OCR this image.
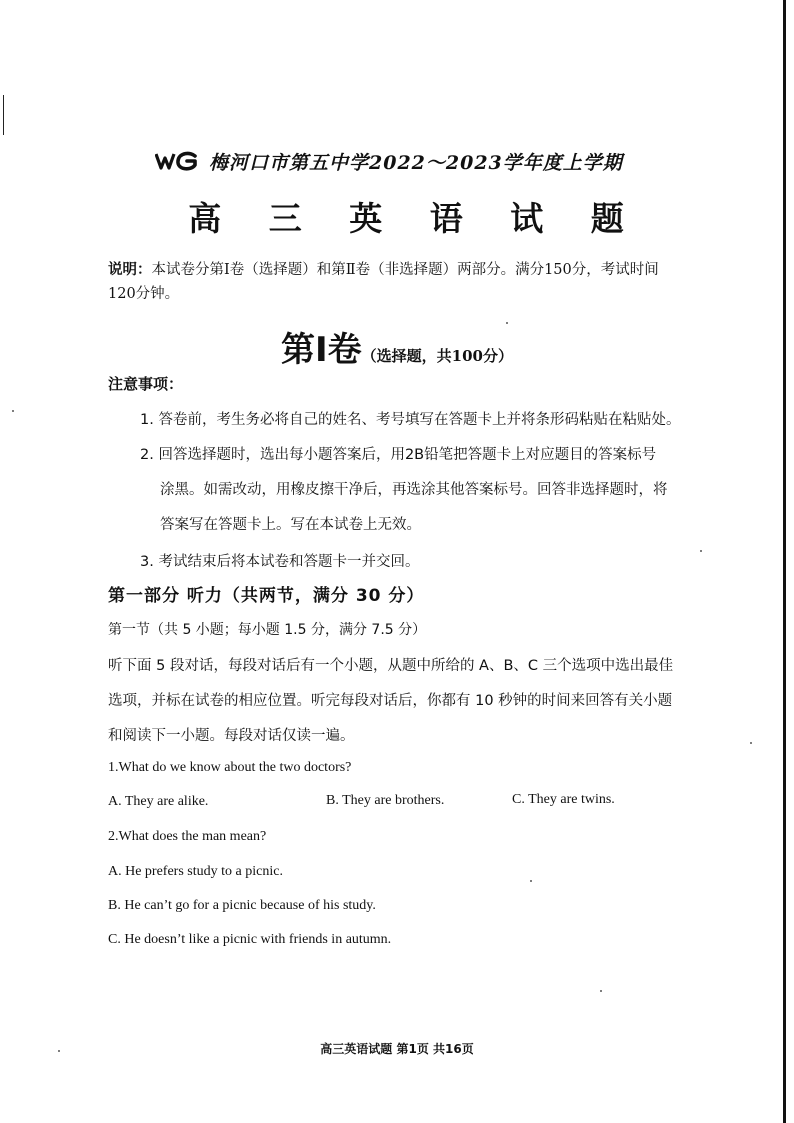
梅河口市第五中学2022～2023学年度上学期
高 三 英 语 试 题
说明：本试卷分第Ⅰ卷（选择题）和第Ⅱ卷（非选择题）两部分。满分150分，考试时间
120分钟。
第Ⅰ卷（选择题，共100分）
注意事项：
1. 答卷前，考生务必将自己的姓名、考号填写在答题卡上并将条形码粘贴在粘贴处。
2. 回答选择题时，选出每小题答案后，用2B铅笔把答题卡上对应题目的答案标号
涂黑。如需改动，用橡皮擦干净后，再选涂其他答案标号。回答非选择题时，将
答案写在答题卡上。写在本试卷上无效。
3. 考试结束后将本试卷和答题卡一并交回。
第一部分 听力（共两节，满分 30 分）
第一节（共 5 小题；每小题 1.5 分，满分 7.5 分）
听下面 5 段对话，每段对话后有一个小题，从题中所给的 A、B、C 三个选项中选出最佳
选项，并标在试卷的相应位置。听完每段对话后，你都有 10 秒钟的时间来回答有关小题
和阅读下一小题。每段对话仅读一遍。
1.What do we know about the two doctors?
A. They are alike.	B. They are brothers.	C. They are twins.
2.What does the man mean?
A. He prefers study to a picnic.
B. He can’t go for a picnic because of his study.
C. He doesn’t like a picnic with friends in autumn.
高三英语试题 第1页 共16页
